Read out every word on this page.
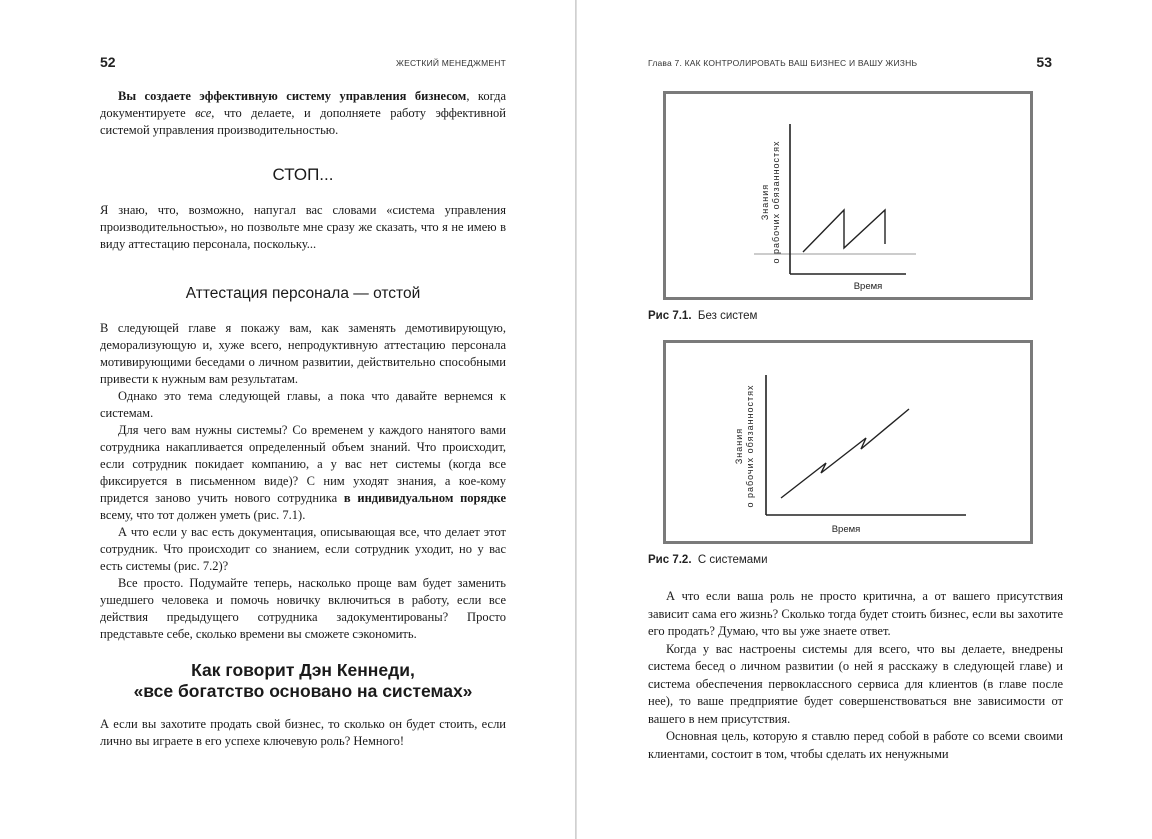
52	ЖЕСТКИЙ МЕНЕДЖМЕНТ

Вы создаете эффективную систему управления бизнесом, когда документируете все, что делаете, и дополняете работу эффективной системой управления производительностью.

СТОП...

Я знаю, что, возможно, напугал вас словами «система управления производительностью», но позвольте мне сразу же сказать, что я не имею в виду аттестацию персонала, поскольку...

Аттестация персонала — отстой

В следующей главе я покажу вам, как заменять демотивирующую, деморализующую и, хуже всего, непродуктивную аттестацию персонала мотивирующими беседами о личном развитии, действительно способными привести к нужным вам результатам.

Однако это тема следующей главы, а пока что давайте вернемся к системам.

Для чего вам нужны системы? Со временем у каждого нанятого вами сотрудника накапливается определенный объем знаний. Что происходит, если сотрудник покидает компанию, а у вас нет системы (когда все фиксируется в письменном виде)? С ним уходят знания, а кое-кому придется заново учить нового сотрудника в индивидуальном порядке всему, что тот должен уметь (рис. 7.1).

А что если у вас есть документация, описывающая все, что делает этот сотрудник. Что происходит со знанием, если сотрудник уходит, но у вас есть системы (рис. 7.2)?

Все просто. Подумайте теперь, насколько проще вам будет заменить ушедшего человека и помочь новичку включиться в работу, если все действия предыдущего сотрудника задокументированы? Просто представьте себе, сколько времени вы сможете сэкономить.

Как говорит Дэн Кеннеди,
«все богатство основано на системах»

А если вы захотите продать свой бизнес, то сколько он будет стоить, если лично вы играете в его успехе ключевую роль? Немного!

Глава 7. КАК КОНТРОЛИРОВАТЬ ВАШ БИЗНЕС И ВАШУ ЖИЗНЬ	53
Знания о рабочих обязанностях
Время
Рис 7.1. Без систем
Знания о рабочих обязанностях
Время
Рис 7.2. С системами

А что если ваша роль не просто критична, а от вашего присутствия зависит сама его жизнь? Сколько тогда будет стоить бизнес, если вы захотите его продать? Думаю, что вы уже знаете ответ.

Когда у вас настроены системы для всего, что вы делаете, внедрены система бесед о личном развитии (о ней я расскажу в следующей главе) и система обеспечения первоклассного сервиса для клиентов (в главе после нее), то ваше предприятие будет совершенствоваться вне зависимости от вашего в нем присутствия.

Основная цель, которую я ставлю перед собой в работе со всеми своими клиентами, состоит в том, чтобы сделать их ненужными
